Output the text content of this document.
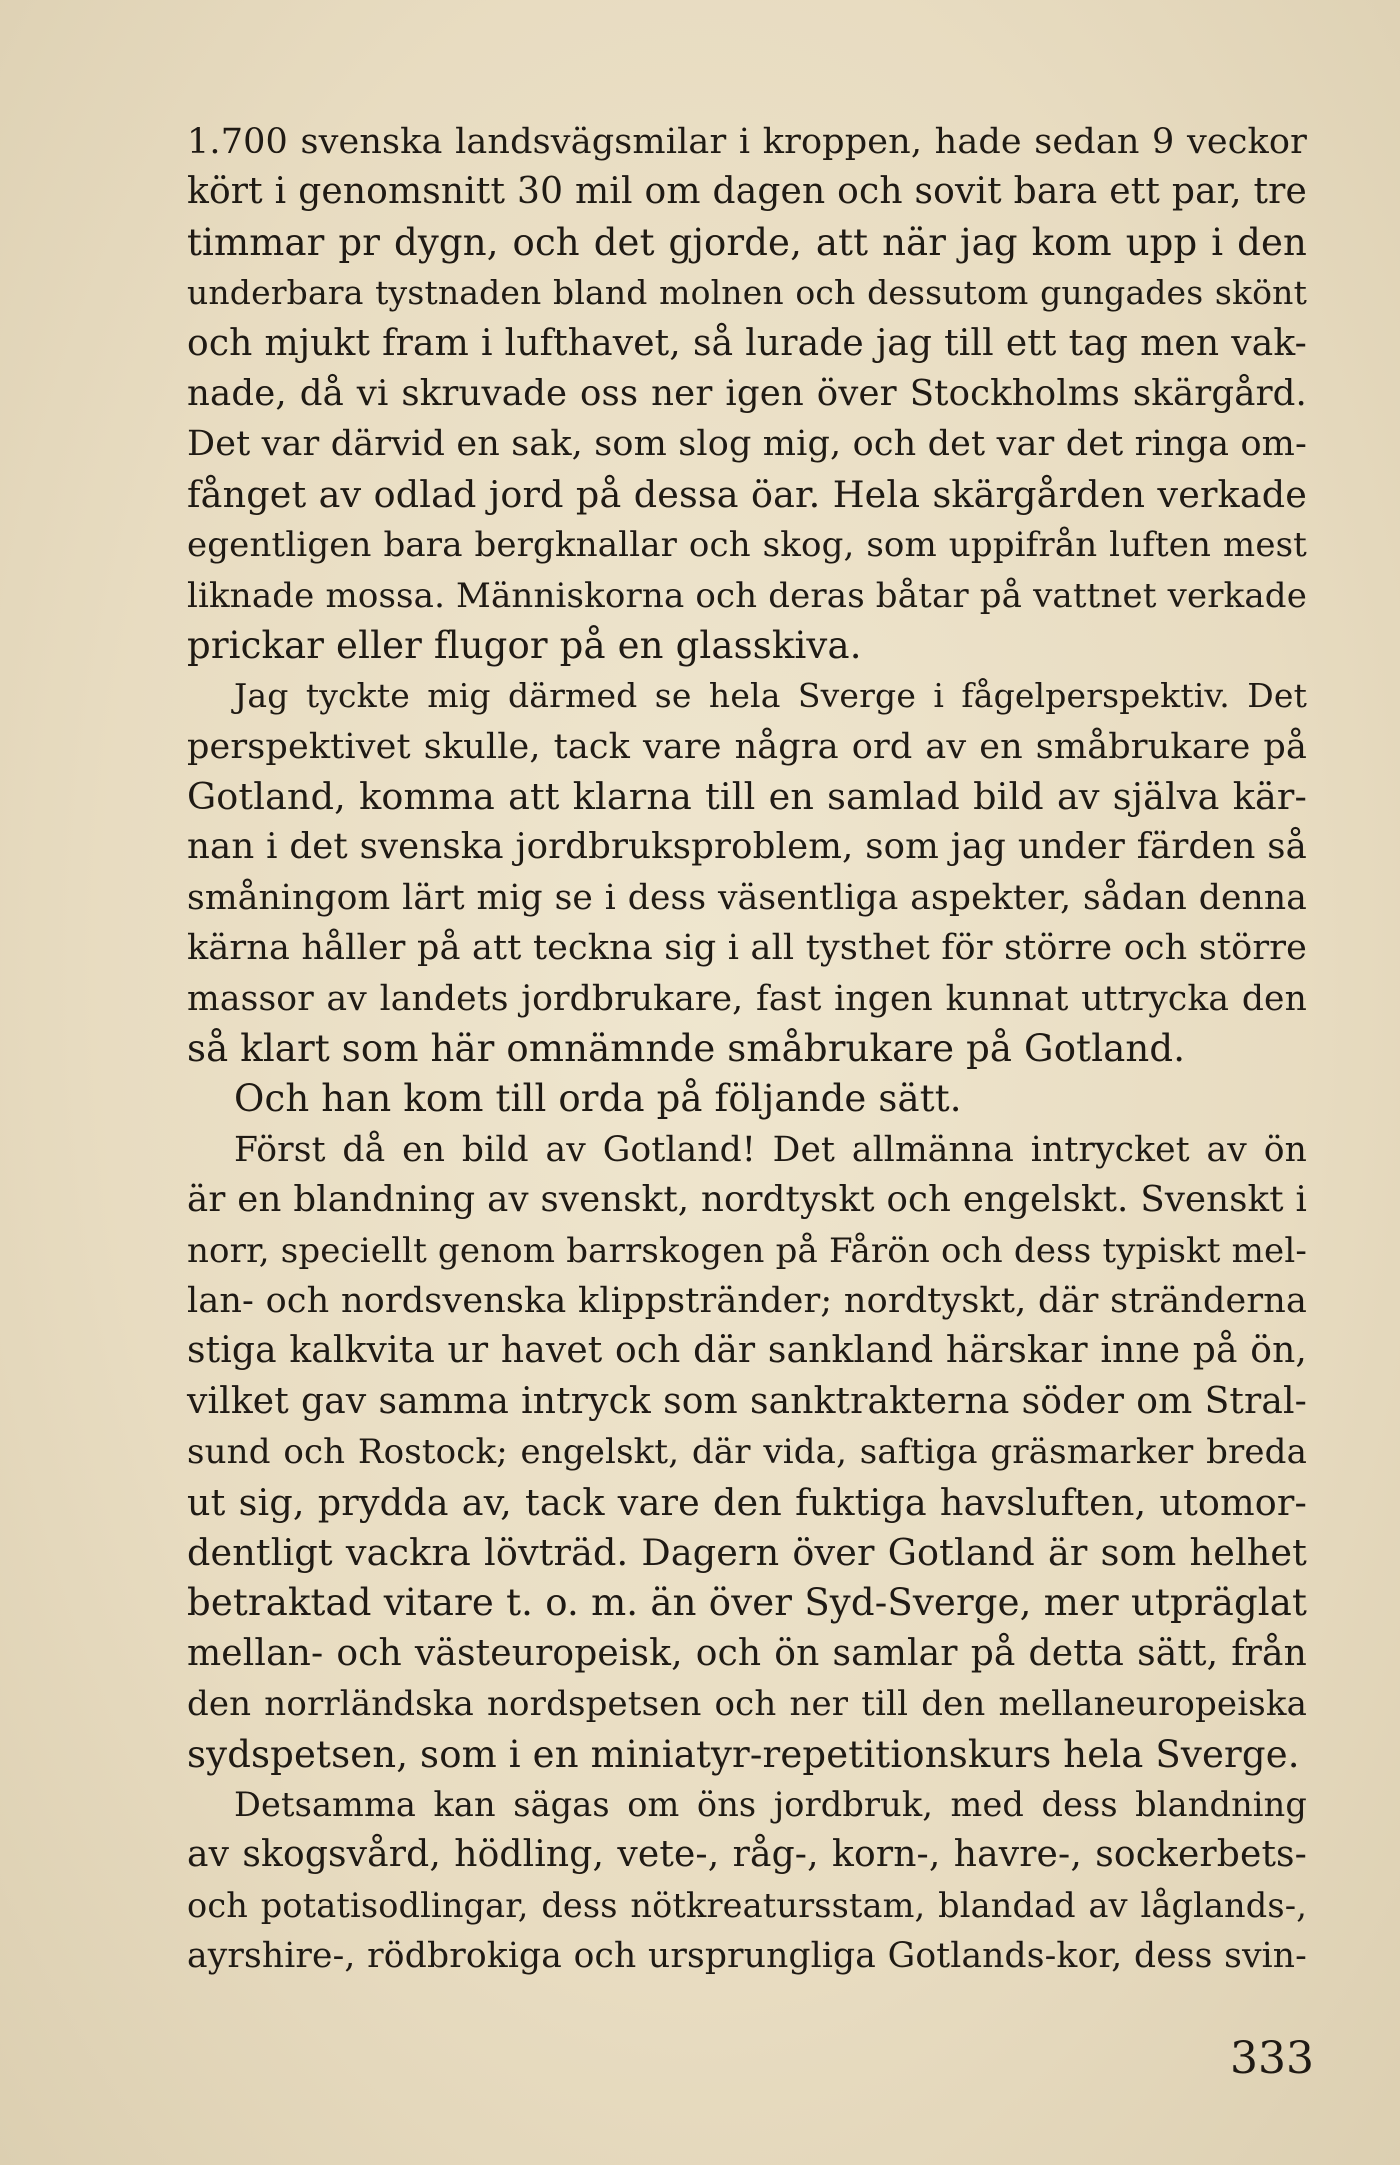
1.700 svenska landsvägsmilar i kroppen, hade sedan 9 veckor
kört i genomsnitt 30 mil om dagen och sovit bara ett par, tre
timmar pr dygn, och det gjorde, att när jag kom upp i den
underbara tystnaden bland molnen och dessutom gungades skönt
och mjukt fram i lufthavet, så lurade jag till ett tag men vak-
nade, då vi skruvade oss ner igen över Stockholms skärgård.
Det var därvid en sak, som slog mig, och det var det ringa om-
fånget av odlad jord på dessa öar. Hela skärgården verkade
egentligen bara bergknallar och skog, som uppifrån luften mest
liknade mossa. Människorna och deras båtar på vattnet verkade
prickar eller flugor på en glasskiva.
Jag tyckte mig därmed se hela Sverge i fågelperspektiv. Det
perspektivet skulle, tack vare några ord av en småbrukare på
Gotland, komma att klarna till en samlad bild av själva kär-
nan i det svenska jordbruksproblem, som jag under färden så
småningom lärt mig se i dess väsentliga aspekter, sådan denna
kärna håller på att teckna sig i all tysthet för större och större
massor av landets jordbrukare, fast ingen kunnat uttrycka den
så klart som här omnämnde småbrukare på Gotland.
Och han kom till orda på följande sätt.
Först då en bild av Gotland! Det allmänna intrycket av ön
är en blandning av svenskt, nordtyskt och engelskt. Svenskt i
norr, speciellt genom barrskogen på Fårön och dess typiskt mel-
lan- och nordsvenska klippstränder; nordtyskt, där stränderna
stiga kalkvita ur havet och där sankland härskar inne på ön,
vilket gav samma intryck som sanktrakterna söder om Stral-
sund och Rostock; engelskt, där vida, saftiga gräsmarker breda
ut sig, prydda av, tack vare den fuktiga havsluften, utomor-
dentligt vackra lövträd. Dagern över Gotland är som helhet
betraktad vitare t. o. m. än över Syd-Sverge, mer utpräglat
mellan- och västeuropeisk, och ön samlar på detta sätt, från
den norrländska nordspetsen och ner till den mellaneuropeiska
sydspetsen, som i en miniatyr-repetitionskurs hela Sverge.
Detsamma kan sägas om öns jordbruk, med dess blandning
av skogsvård, hödling, vete-, råg-, korn-, havre-, sockerbets-
och potatisodlingar, dess nötkreatursstam, blandad av låglands-,
ayrshire-, rödbrokiga och ursprungliga Gotlands-kor, dess svin-
333
